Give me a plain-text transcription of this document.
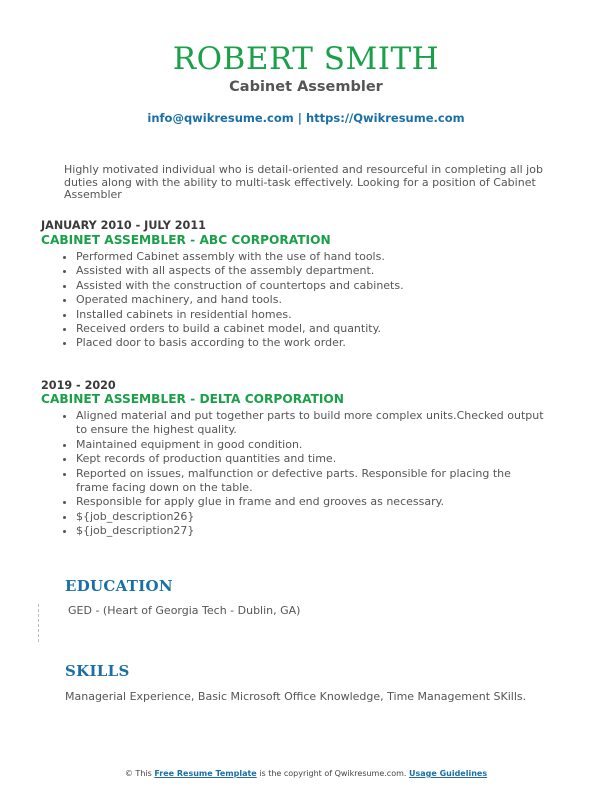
ROBERT SMITH
Cabinet Assembler
info@qwikresume.com | https://Qwikresume.com
Highly motivated individual who is detail-oriented and resourceful in completing all job duties along with the ability to multi-task effectively. Looking for a position of Cabinet Assembler
JANUARY 2010 - JULY 2011
CABINET ASSEMBLER - ABC CORPORATION
• Performed Cabinet assembly with the use of hand tools.
• Assisted with all aspects of the assembly department.
• Assisted with the construction of countertops and cabinets.
• Operated machinery, and hand tools.
• Installed cabinets in residential homes.
• Received orders to build a cabinet model, and quantity.
• Placed door to basis according to the work order.
2019 - 2020
CABINET ASSEMBLER - DELTA CORPORATION
• Aligned material and put together parts to build more complex units.Checked output to ensure the highest quality.
• Maintained equipment in good condition.
• Kept records of production quantities and time.
• Reported on issues, malfunction or defective parts. Responsible for placing the frame facing down on the table.
• Responsible for apply glue in frame and end grooves as necessary.
• ${job_description26}
• ${job_description27}
EDUCATION
GED - (Heart of Georgia Tech - Dublin, GA)
SKILLS
Managerial Experience, Basic Microsoft Office Knowledge, Time Management SKills.
© This Free Resume Template is the copyright of Qwikresume.com. Usage Guidelines
